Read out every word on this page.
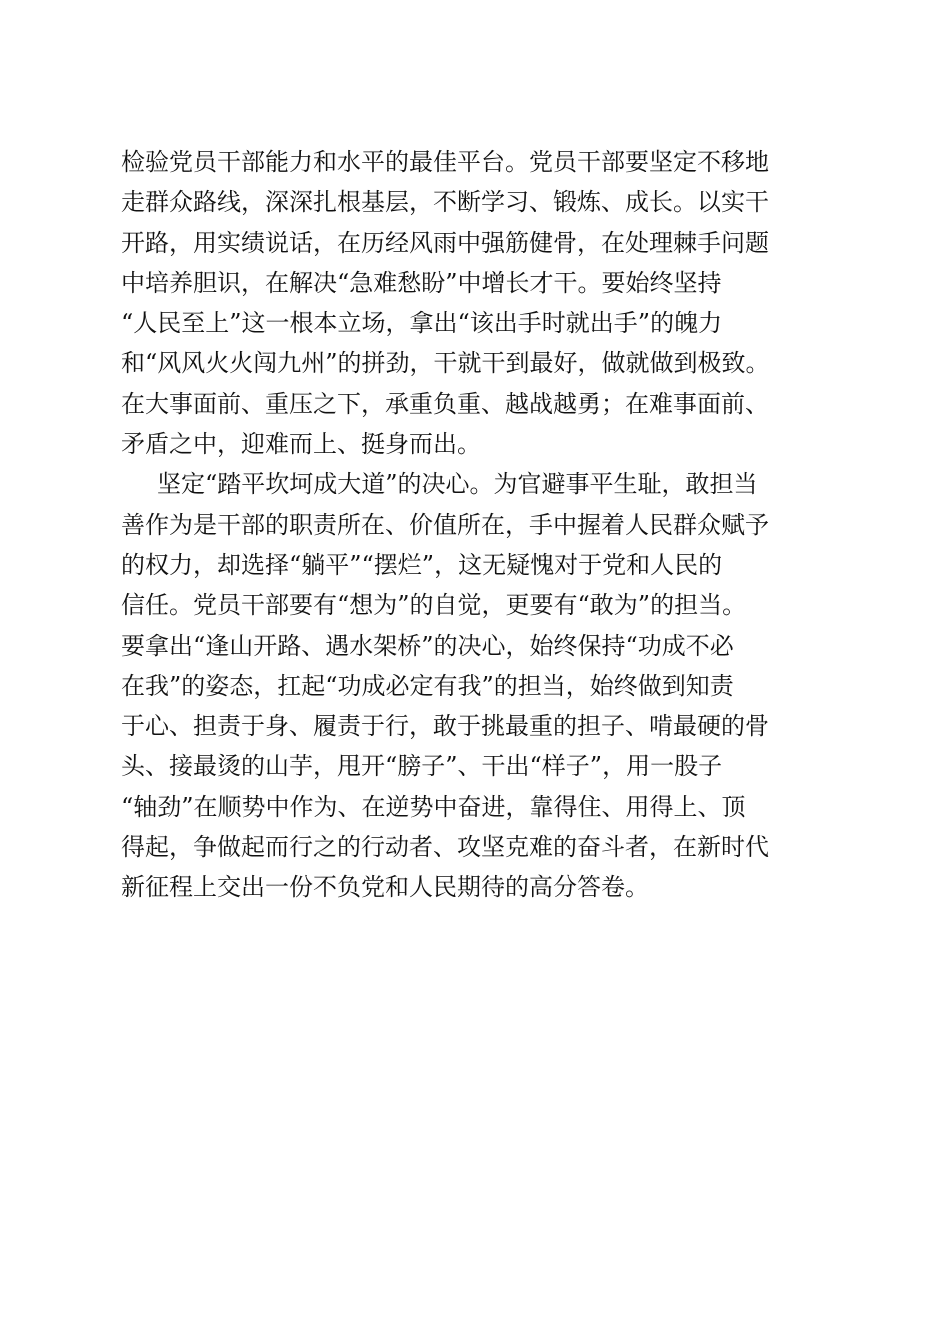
检验党员干部能力和水平的最佳平台。党员干部要坚定不移地
走群众路线，深深扎根基层，不断学习、锻炼、成长。以实干
开路，用实绩说话，在历经风雨中强筋健骨，在处理棘手问题
中培养胆识，在解决“急难愁盼”中增长才干。要始终坚持
“人民至上”这一根本立场，拿出“该出手时就出手”的魄力
和“风风火火闯九州”的拼劲，干就干到最好，做就做到极致。
在大事面前、重压之下，承重负重、越战越勇；在难事面前、
矛盾之中，迎难而上、挺身而出。
坚定“踏平坎坷成大道”的决心。为官避事平生耻，敢担当
善作为是干部的职责所在、价值所在，手中握着人民群众赋予
的权力，却选择“躺平”“摆烂”，这无疑愧对于党和人民的
信任。党员干部要有“想为”的自觉，更要有“敢为”的担当。
要拿出“逢山开路、遇水架桥”的决心，始终保持“功成不必
在我”的姿态，扛起“功成必定有我”的担当，始终做到知责
于心、担责于身、履责于行，敢于挑最重的担子、啃最硬的骨
头、接最烫的山芋，甩开“膀子”、干出“样子”，用一股子
“轴劲”在顺势中作为、在逆势中奋进，靠得住、用得上、顶
得起，争做起而行之的行动者、攻坚克难的奋斗者，在新时代
新征程上交出一份不负党和人民期待的高分答卷。
